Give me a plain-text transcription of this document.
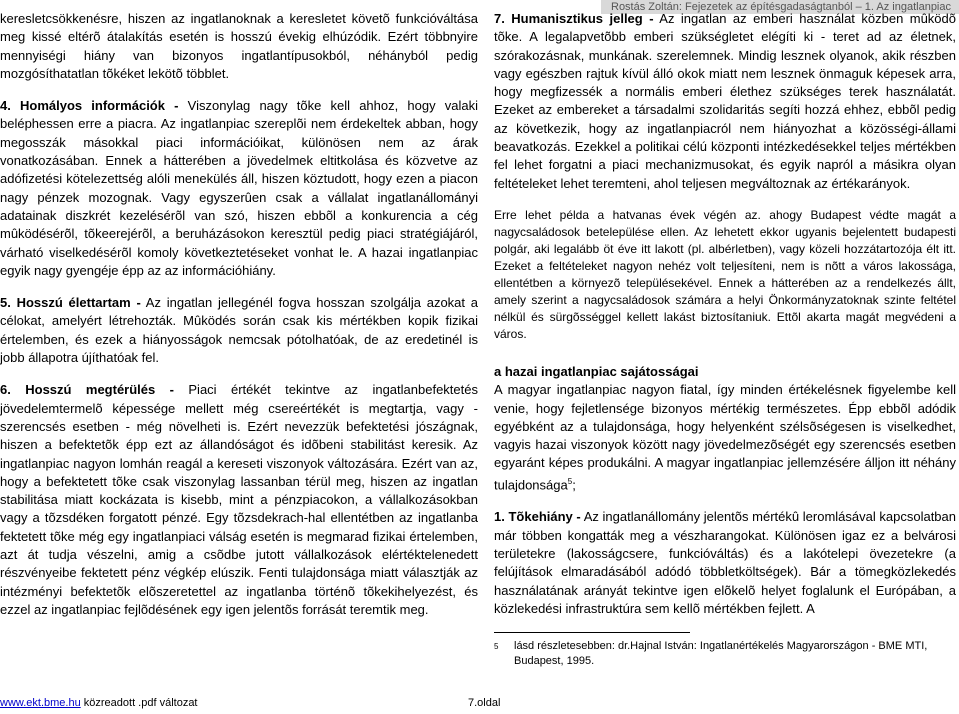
Rostás Zoltán: Fejezetek az építésgadaságtanból – 1. Az ingatlanpiac

keresletcsökkenésre, hiszen az ingatlanoknak a keresletet követõ funkcióváltása meg kissé eltérõ átalakítás esetén is hosszú évekig elhúzódik. Ezért többnyire mennyiségi hiány van bizonyos ingatlantípusokból, néhányból pedig mozgósíthatatlan tõkéket lekötõ többlet.

4. Homályos információk - Viszonylag nagy tõke kell ahhoz, hogy valaki beléphessen erre a piacra. Az ingatlanpiac szereplõi nem érdekeltek abban, hogy megosszák másokkal piaci információikat, különösen nem az árak vonatkozásában. Ennek a hátterében a jövedelmek eltitkolása és közvetve az adófizetési kötelezettség alóli menekülés áll, hiszen köztudott, hogy ezen a piacon nagy pénzek mozognak. Vagy egyszerûen csak a vállalat ingatlanállományi adatainak diszkrét kezelésérõl van szó, hiszen ebbõl a konkurencia a cég mûködésérõl, tõkeerejérõl, a beruházásokon keresztül pedig piaci stratégiájáról, várható viselkedésérõl komoly következtetéseket vonhat le. A hazai ingatlanpiac egyik nagy gyengéje épp az az információhiány.

5. Hosszú élettartam - Az ingatlan jellegénél fogva hosszan szolgálja azokat a célokat, amelyért létrehozták. Mûködés során csak kis mértékben kopik fizikai értelemben, és ezek a hiányosságok nemcsak pótolhatóak, de az eredetinél is jobb állapotra újíthatóak fel.

6. Hosszú megtérülés - Piaci értékét tekintve az ingatlanbefektetés jövedelemtermelõ képessége mellett még csereértékét is megtartja, vagy - szerencsés esetben - még növelheti is. Ezért nevezzük befektetési jószágnak, hiszen a befektetõk épp ezt az állandóságot és idõbeni stabilitást keresik. Az ingatlanpiac nagyon lomhán reagál a kereseti viszonyok változására. Ezért van az, hogy a befektetett tõke csak viszonylag lassanban térül meg, hiszen az ingatlan stabilitása miatt kockázata is kisebb, mint a pénzpiacokon, a vállalkozásokban vagy a tõzsdéken forgatott pénzé. Egy tõzsdekrach-hal ellentétben az ingatlanba fektetett tõke még egy ingatlanpiaci válság esetén is megmarad fizikai értelemben, azt át tudja vészelni, amig a csõdbe jutott vállalkozások elértéktelenedett részvényeibe fektetett pénz végkép elúszik. Fenti tulajdonsága miatt választják az intézményi befektetõk elõszeretettel az ingatlanba történõ tõkekihelyezést, és ezzel az ingatlanpiac fejlõdésének egy igen jelentõs forrását teremtik meg.

7. Humanisztikus jelleg - Az ingatlan az emberi használat közben mûködõ tõke. A legalapvetõbb emberi szükségletet elégíti ki - teret ad az életnek, szórakozásnak, munkának. szerelemnek. Mindig lesznek olyanok, akik részben vagy egészben rajtuk kívül álló okok miatt nem lesznek önmaguk képesek arra, hogy megfizessék a normális emberi élethez szükséges terek használatát. Ezeket az embereket a társadalmi szolidaritás segíti hozzá ehhez, ebbõl pedig az következik, hogy az ingatlanpiacról nem hiányozhat a közösségi-állami beavatkozás. Ezekkel a politikai célú központi intézkedésekkel teljes mértékben fel lehet forgatni a piaci mechanizmusokat, és egyik napról a másikra olyan feltételeket lehet teremteni, ahol teljesen megváltoznak az értékarányok.

Erre lehet példa a hatvanas évek végén az. ahogy Budapest védte magát a nagycsaládosok betelepülése ellen. Az lehetett ekkor ugyanis bejelentett budapesti polgár, aki legalább öt éve itt lakott (pl. albérletben), vagy közeli hozzátartozója élt itt. Ezeket a feltételeket nagyon nehéz volt teljesíteni, nem is nõtt a város lakossága, ellentétben a környezõ településekével. Ennek a hátterében az a rendelkezés állt, amely szerint a nagycsaládosok számára a helyi Önkormányzatoknak szinte feltétel nélkül és sürgõsséggel kellett lakást biztosítaniuk. Ettõl akarta magát megvédeni a város.

a hazai ingatlanpiac sajátosságai

A magyar ingatlanpiac nagyon fiatal, így minden értékelésnek figyelembe kell venie, hogy fejletlensége bizonyos mértékig természetes. Épp ebbõl adódik egyébként az a tulajdonsága, hogy helyenként szélsõségesen is viselkedhet, vagyis hazai viszonyok között nagy jövedelmezõségét egy szerencsés esetben egyaránt képes produkálni. A magyar ingatlanpiac jellemzésére álljon itt néhány tulajdonsága$^5$;

1. Tõkehiány - Az ingatlanállomány jelentõs mértékû leromlásával kapcsolatban már többen kongatták meg a vészharangokat. Különösen igaz ez a belvárosi területekre (lakosságcsere, funkcióváltás) és a lakótelepi övezetekre (a felújítások elmaradásából adódó többletköltségek). Bár a tömegközlekedés használatának arányát tekintve igen elõkelõ helyet foglalunk el Európában, a közlekedési infrastruktúra sem kellõ mértékben fejlett. A

5	lásd részletesebben: dr.Hajnal István: Ingatlanértékelés Magyarországon - BME MTI, Budapest, 1995.
www.ekt.bme.hu közreadott .pdf változat	7.oldal
